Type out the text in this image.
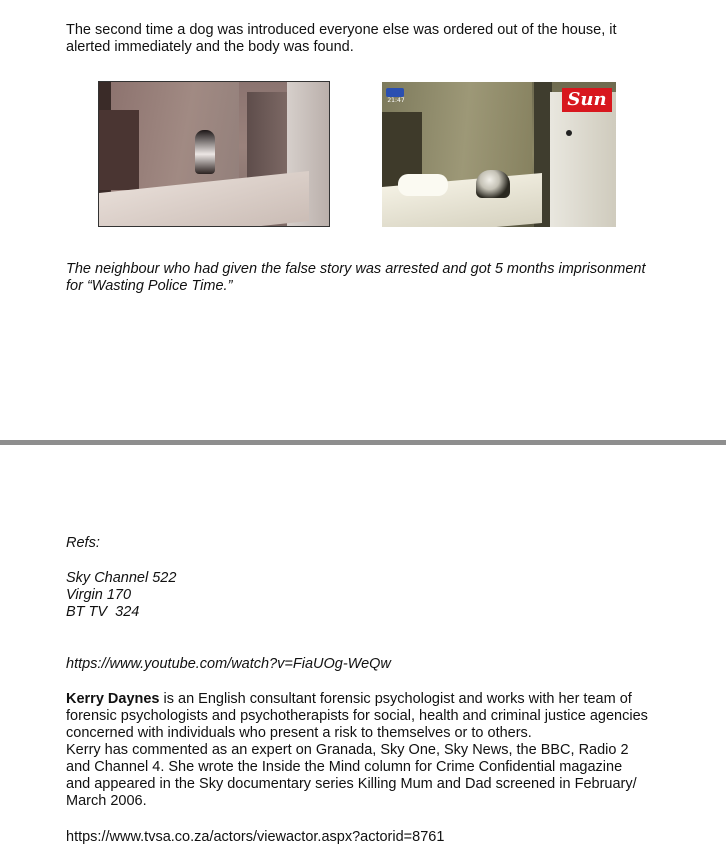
The second time a dog was introduced everyone else was ordered out of the house, it
alerted immediately and the body was found.
21:47	Sun
The neighbour who had given the false story was arrested and got 5 months imprisonment
for “Wasting Police Time.”
Refs:
Sky Channel 522
Virgin 170
BT TV  324
https://www.youtube.com/watch?v=FiaUOg-WeQw
Kerry Daynes is an English consultant forensic psychologist and works with her team of
forensic psychologists and psychotherapists for social, health and criminal justice agencies
concerned with individuals who present a risk to themselves or to others.
Kerry has commented as an expert on Granada, Sky One, Sky News, the BBC, Radio 2
and Channel 4. She wrote the Inside the Mind column for Crime Confidential magazine
and appeared in the Sky documentary series Killing Mum and Dad screened in February/
March 2006.
https://www.tvsa.co.za/actors/viewactor.aspx?actorid=8761
